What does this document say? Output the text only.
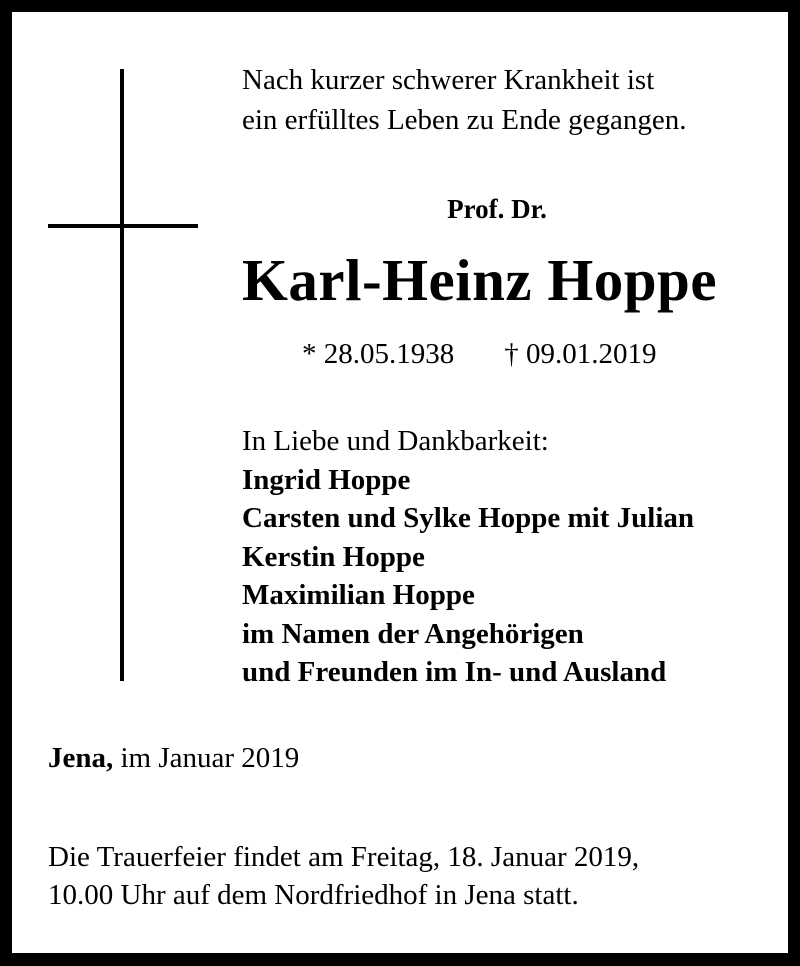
Nach kurzer schwerer Krankheit ist
ein erfülltes Leben zu Ende gegangen.
Prof. Dr.
Karl-Heinz Hoppe
* 28.05.1938 † 09.01.2019
In Liebe und Dankbarkeit:
Ingrid Hoppe
Carsten und Sylke Hoppe mit Julian
Kerstin Hoppe
Maximilian Hoppe
im Namen der Angehörigen
und Freunden im In- und Ausland
Jena, im Januar 2019
Die Trauerfeier findet am Freitag, 18. Januar 2019,
10.00 Uhr auf dem Nordfriedhof in Jena statt.
